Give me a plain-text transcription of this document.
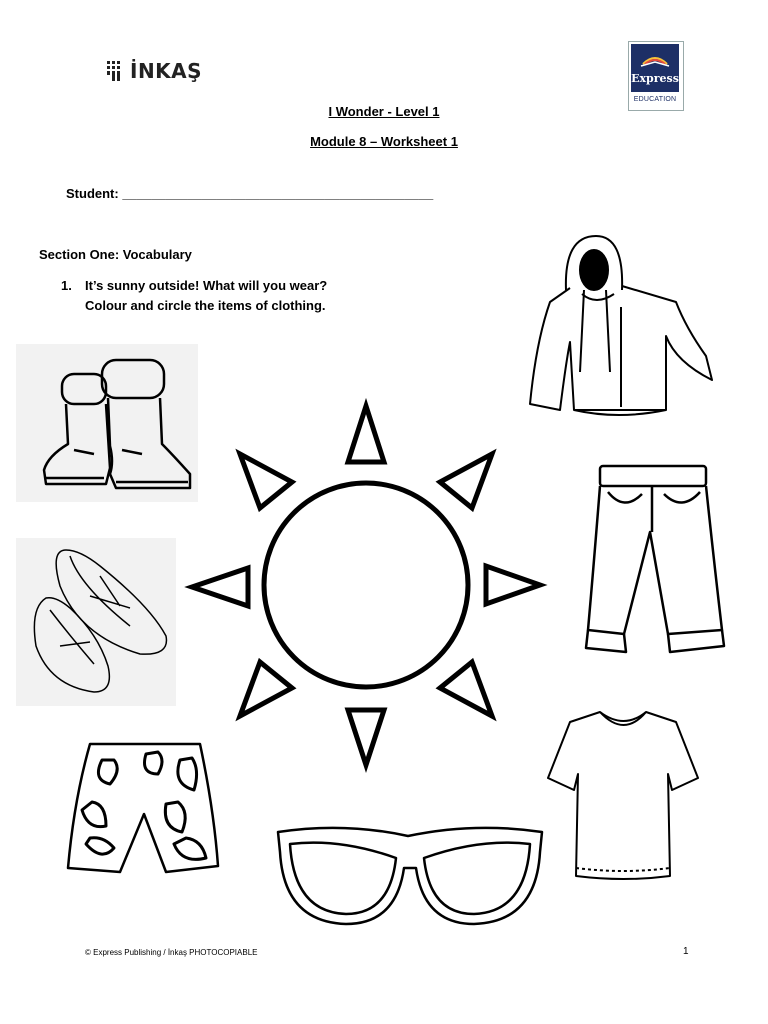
İNKAŞ	Express
EDUCATION
I Wonder - Level 1
Module 8 – Worksheet 1
Student: ___________________________________________
Section One: Vocabulary
1. It’s sunny outside! What will you wear?
Colour and circle the items of clothing.
© Express Publishing / İnkaş PHOTOCOPIABLE	1
